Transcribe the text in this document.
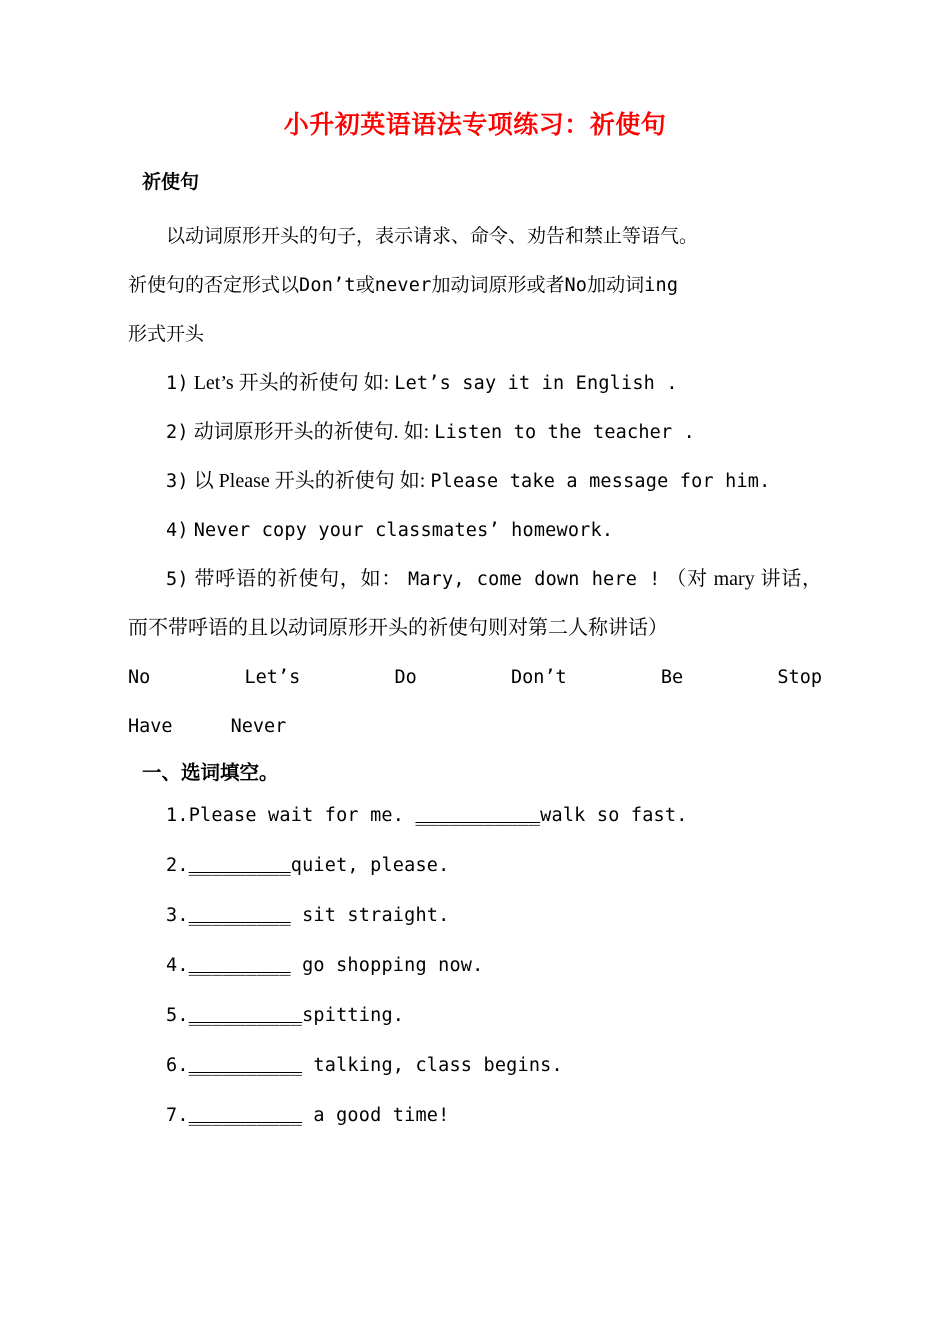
小升初英语语法专项练习：祈使句
祈使句

以动词原形开头的句子，表示请求、命令、劝告和禁止等语气。

祈使句的否定形式以Don’t或never加动词原形或者No加动词ing

形式开头

1) Let’s 开头的祈使句 如: Let’s say it in English .

2) 动词原形开头的祈使句. 如: Listen to the teacher .

3) 以 Please 开头的祈使句 如: Please take a message for him.

4) Never copy your classmates’ homework.

5) 带呼语的祈使句，如： Mary, come down here ! （对 mary 讲话，而不带呼语的且以动词原形开头的祈使句则对第二人称讲话）

No	Let’s	Do	Don’t	Be	Stop
Have	Never
一、选词填空。

1.Please wait for me. ___________walk so fast.

2._________quiet, please.

3._________ sit straight.

4._________ go shopping now.

5.__________spitting.

6.__________ talking, class begins.

7.__________ a good time!
